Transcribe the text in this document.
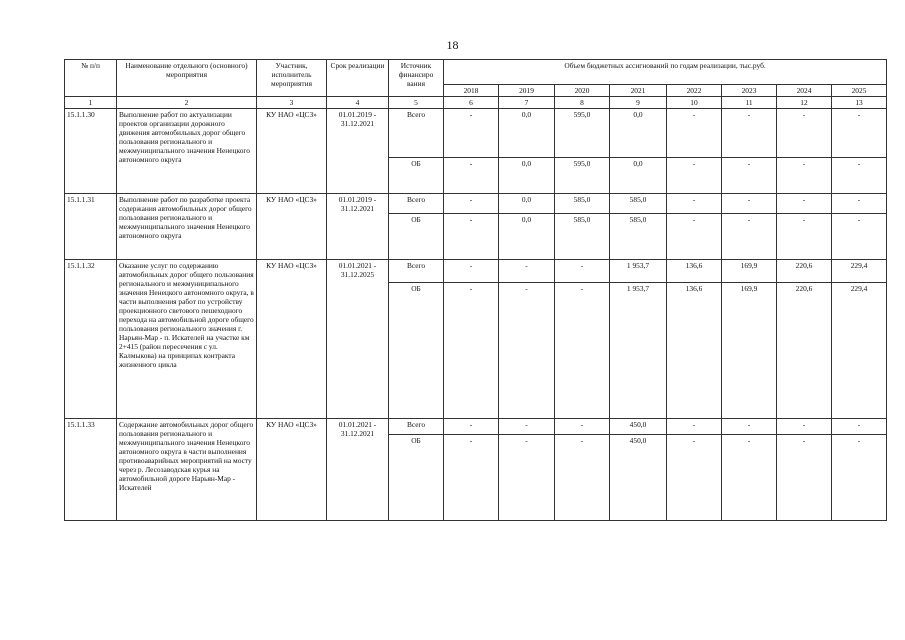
18
№ п/п	Наименование отдельного (основного) мероприятия	Участник, исполнитель мероприятия	Срок реализации	Источник финансиро вания	Объем бюджетных ассигнований по годам реализации, тыс.руб.							
					2018	2019	2020	2021	2022	2023	2024	2025
1	2	3	4	5	6	7	8	9	10	11	12	13
15.1.1.30	Выполнение работ по актуализации проектов организации дорожного движения автомобильных дорог общего пользования регионального и межмуниципального значения Ненецкого автономного округа	КУ НАО «ЦСЗ»	01.01.2019 - 31.12.2021	Всего	-	0,0	595,0	0,0	-	-	-	-
				ОБ	-	0,0	595,0	0,0	-	-	-	-
15.1.1.31	Выполнение работ по разработке проекта содержания автомобильных дорог общего пользования регионального и межмуниципального значения Ненецкого автономного округа	КУ НАО «ЦСЗ»	01.01.2019 - 31.12.2021	Всего	-	0,0	585,0	585,0	-	-	-	-
				ОБ	-	0,0	585,0	585,0	-	-	-	-
15.1.1.32	Оказание услуг по содержанию автомобильных дорог общего пользования регионального и межмуниципального значения Ненецкого автономного округа, в части выполнения работ по устройству проекционного светового пешеходного перехода на автомобильной дороге общего пользования регионального значения г. Нарьян-Мар - п. Искателей на участке км 2+415 (район пересечения с ул. Калмыкова) на принципах контракта жизненного цикла	КУ НАО «ЦСЗ»	01.01.2021 - 31.12.2025	Всего	-	-	-	1 953,7	136,6	169,9	220,6	229,4
				ОБ	-	-	-	1 953,7	136,6	169,9	220,6	229,4
15.1.1.33	Содержание автомобильных дорог общего пользования регионального и межмуниципального значения Ненецкого автономного округа в части выполнения противоаварийных мероприятий на мосту через р. Лесозаводская курья на автомобильной дороге Нарьян-Мар - Искателей	КУ НАО «ЦСЗ»	01.01.2021 - 31.12.2021	Всего	-	-	-	450,0	-	-	-	-
				ОБ	-	-	-	450,0	-	-	-	-
